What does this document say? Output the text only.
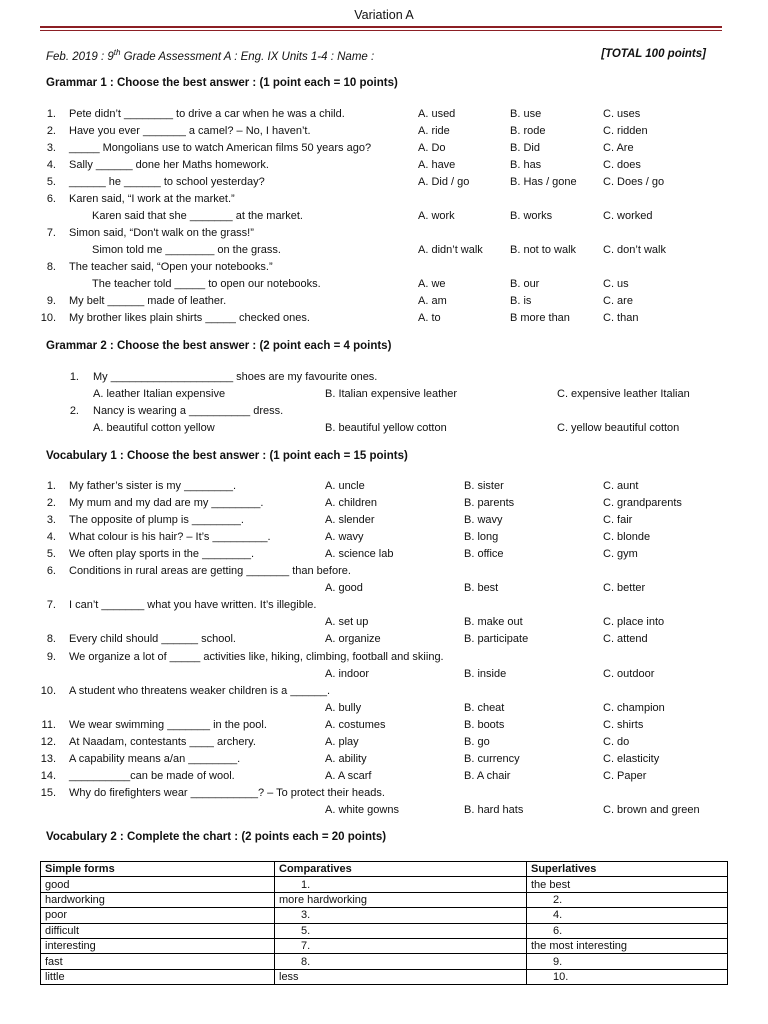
Variation A
Feb. 2019 : 9th Grade Assessment A : Eng. IX Units 1-4 : Name :	[TOTAL 100 points]
Grammar 1 : Choose the best answer : (1 point each = 10 points)
1. Pete didn’t ________ to drive a car when he was a child.	A. used	B. use	C. uses
2. Have you ever _______ a camel? – No, I haven’t.	A. ride	B. rode	C. ridden
3. _____ Mongolians use to watch American films 50 years ago?	A. Do	B. Did	C. Are
4. Sally ______ done her Maths homework.	A. have	B. has	C. does
5. ______ he ______ to school yesterday?	A. Did / go	B. Has / gone C. Does / go
6. Karen said, “I work at the market.”
Karen said that she _______ at the market.	A. work	B. works	C. worked
7. Simon said, “Don't walk on the grass!”
Simon told me ________ on the grass.	A. didn’t walk B. not to walk C. don’t walk
8. The teacher said, “Open your notebooks.”
The teacher told _____ to open our notebooks.	A. we	B. our	C. us
9. My belt ______ made of leather.	A. am	B. is	C. are
10. My brother likes plain shirts _____ checked ones.	A. to	B more than	C. than
Grammar 2 : Choose the best answer : (2 point each = 4 points)
1. My ____________________ shoes are my favourite ones.
A. leather Italian expensive	B. Italian expensive leather	C. expensive leather Italian
2. Nancy is wearing a __________ dress.
A. beautiful cotton yellow	B. beautiful yellow cotton	C. yellow beautiful cotton
Vocabulary 1 : Choose the best answer : (1 point each = 15 points)
1. My father’s sister is my ________.	A. uncle	B. sister	C. aunt
2. My mum and my dad are my ________.	A. children	B. parents	C. grandparents
3. The opposite of plump is ________.	A. slender	B. wavy	C. fair
4. What colour is his hair? – It’s _________.	A. wavy	B. long	C. blonde
5. We often play sports in the ________.	A. science lab	B. office	C. gym
6. Conditions in rural areas are getting _______ than before.
A. good	B. best	C. better
7. I can’t _______ what you have written. It’s illegible.
A. set up	B. make out	C. place into
8. Every child should ______ school.	A. organize	B. participate	C. attend
9. We organize a lot of _____ activities like, hiking, climbing, football and skiing.
A. indoor	B. inside	C. outdoor
10. A student who threatens weaker children is a ______.
A. bully	B. cheat	C. champion
11. We wear swimming _______ in the pool.	A. costumes	B. boots	C. shirts
12. At Naadam, contestants ____ archery.	A. play	B. go	C. do
13. A capability means a/an ________.	A. ability	B. currency	C. elasticity
14. __________can be made of wool.	A. A scarf	B. A chair	C. Paper
15. Why do firefighters wear ___________? – To protect their heads.
A. white gowns	B. hard hats	C. brown and green
Vocabulary 2 : Complete the chart : (2 points each = 20 points)
Simple forms	Comparatives	Superlatives
good	1.	the best
hardworking	more hardworking	2.
poor	3.	4.
difficult	5.	6.
interesting	7.	the most interesting
fast	8.	9.
little	less	10.
